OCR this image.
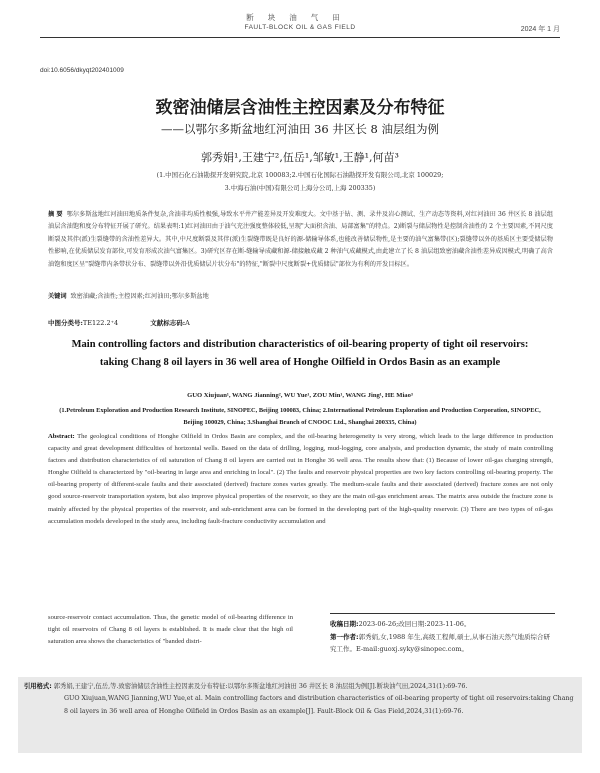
断块油气田
FAULT-BLOCK OIL & GAS FIELD	2024 年 1 月
doi:10.6056/dkyqt202401009
致密油储层含油性主控因素及分布特征
——以鄂尔多斯盆地红河油田 36 井区长 8 油层组为例
郭秀娟¹,王建宁²,伍岳¹,邹敏¹,王静¹,何苗³
(1.中国石化石油勘探开发研究院,北京 100083;2.中国石化国际石油勘探开发有限公司,北京 100029;
3.中海石油(中国)有限公司上海分公司,上海 200335)
摘 要 鄂尔多斯盆地红河油田地质条件复杂,含油非均质性极强,导致水平井产能差异及开发难度大。文中基于钻、测、录井及岩心测试、生产动态等资料,对红河油田 36 井区长 8 油层组油层含油饱和度分布特征开展了研究。结果表明:1)红河油田由于油气充注强度整体较低,呈现"大面积含油、局部富集"的特点。2)断裂与储层物性是控制含油性的 2 个主要因素,不同尺度断裂及其伴(派)生裂缝带的含油性差异大。其中,中尺度断裂及其伴(派)生裂缝带既是良好的源-储输导体系,也能改善储层物性,是主要的油气富集带(区);裂缝带以外的基质区主要受储层物性影响,在优质储层发育部位,可发育形成次油气富集区。3)研究区存在断-缝输导成藏和源-储接触成藏 2 种油气成藏模式,由此建立了长 8 油层组致密油藏含油性差异成因模式,明确了高含油饱和度区呈"裂缝带内条带状分布、裂缝带以外沿优质储层片状分布"的特征,"断裂中尺度断裂+优质储层"部位为有利的开发目标区。
关键词 致密油藏;含油性;主控因素;红河油田;鄂尔多斯盆地
中图分类号:TE122.2⁺4	文献标志码:A
Main controlling factors and distribution characteristics of oil-bearing property of tight oil reservoirs: taking Chang 8 oil layers in 36 well area of Honghe Oilfield in Ordos Basin as an example
GUO Xiujuan¹, WANG Jianning², WU Yue¹, ZOU Min¹, WANG Jing¹, HE Miao³
(1.Petroleum Exploration and Production Research Institute, SINOPEC, Beijing 100083, China; 2.International Petroleum Exploration and Production Corporation, SINOPEC, Beijing 100029, China; 3.Shanghai Branch of CNOOC Ltd., Shanghai 200335, China)
Abstract: The geological conditions of Honghe Oilfield in Ordos Basin are complex, and the oil-bearing heterogeneity is very strong, which leads to the large difference in production capacity and great development difficulties of horizontal wells. Based on the data of drilling, logging, mud-logging, core analysis, and production dynamic, the study of main controlling factors and distribution characteristics of oil saturation of Chang 8 oil layers are carried out in Honghe 36 well area. The results show that: (1) Because of lower oil-gas charging strength, Honghe Oilfield is characterized by "oil-bearing in large area and enriching in local". (2) The faults and reservoir physical properties are two key factors controlling oil-bearing property. The oil-bearing property of different-scale faults and their associated (derived) fracture zones varies greatly. The medium-scale faults and their associated (derived) fracture zones are not only good source-reservoir transportation system, but also improve physical properties of the reservoir, so they are the main oil-gas enrichment areas. The matrix area outside the fracture zone is mainly affected by the physical properties of the reservoir, and sub-enrichment area can be formed in the developing part of the high-quality reservoir. (3) There are two types of oil-gas accumulation models developed in the study area, including fault-fracture conductivity accumulation and
source-reservoir contact accumulation. Thus, the genetic model of oil-bearing difference in tight oil reservoirs of Chang 8 oil layers is established. It is made clear that the high oil saturation area shows the characteristics of "banded distri-
收稿日期:2023-06-26;改回日期:2023-11-06。
第一作者:郭秀娟,女,1988 年生,高级工程师,硕士,从事石油天然气地质综合研究工作。E-mail:guoxj.syky@sinopec.com。
引用格式: 郭秀娟,王建宁,伍岳,等.致密油储层含油性主控因素及分布特征:以鄂尔多斯盆地红河油田 36 井区长 8 油层组为例[J].断块油气田,2024,31(1):69-76.
GUO Xiujuan,WANG Jianning,WU Yue,et al. Main controlling factors and distribution characteristics of oil-bearing property of tight oil reservoirs:taking Chang 8 oil layers in 36 well area of Honghe Oilfield in Ordos Basin as an example[J]. Fault-Block Oil & Gas Field,2024,31(1):69-76.
